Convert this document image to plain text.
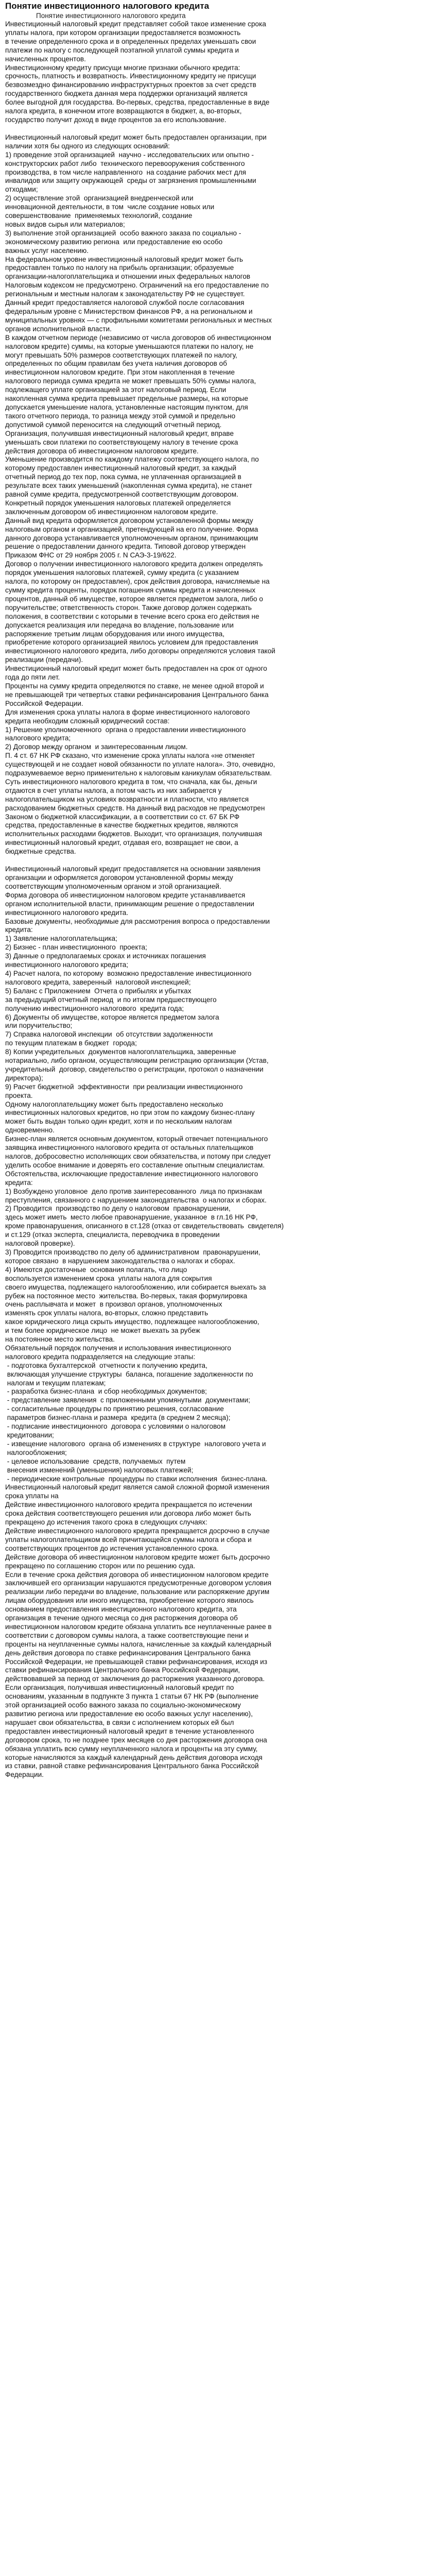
Понятие инвестиционного налогового кредита
Понятие инвестиционного налогового кредита

Инвестиционный налоговый кредит представляет собой такое изменение срока
уплаты налога, при котором организации предоставляется возможность
в течение определенного срока и в определенных пределах уменьшать свои
платежи по налогу с последующей поэтапной уплатой суммы кредита и
начисленных процентов.

Инвестиционному кредиту присущи многие признаки обычного кредита:
срочность, платность и возвратность. Инвестиционному кредиту не присущи
безвозмездно финансированию инфраструктурных проектов за счет средств
государственного бюджета данная мера поддержки организаций является
более выгодной для государства. Во-первых, средства, предоставленные в виде
налога кредита, в конечном итоге возвращаются в бюджет, а, во-вторых,
государство получит доход в виде процентов за его использование.

Инвестиционный налоговый кредит может быть предоставлен организации, при
наличии хотя бы одного из следующих оснований:

1) проведение этой организацией  научно - исследовательских или опытно -
конструкторских работ либо  технического перевооружения собственного
производства, в том числе направленного  на создание рабочих мест для
инвалидов или защиту окружающей  среды от загрязнения промышленными
отходами;

2) осуществление этой  организацией внедренческой или
инновационной деятельности, в том  числе создание новых или
совершенствование  применяемых технологий, создание
новых видов сырья или материалов;

3) выполнение этой организацией  особо важного заказа по социально -
экономическому развитию региона  или предоставление ею особо
важных услуг населению.

На федеральном уровне инвестиционный налоговый кредит может быть
предоставлен только по налогу на прибыль организации; образуемые
организации-налогоплательщика и отношении иных федеральных налогов
Налоговым кодексом не предусмотрено. Ограничений на его предоставление по
региональным и местным налогам к законодательству РФ не существует.
Данный кредит предоставляется налоговой службой после согласования
федеральным уровне с Министерством финансов РФ, а на региональном и
муниципальных уровнях — с профильными комитетами региональных и местных
органов исполнительной власти.

В каждом отчетном периоде (независимо от числа договоров об инвестиционном
налоговом кредите) суммы, на которые уменьшаются платежи по налогу, не
могут превышать 50% размеров соответствующих платежей по налогу,
определенных по общим правилам без учета наличия договоров об
инвестиционном налоговом кредите. При этом накопленная в течение
налогового периода сумма кредита не может превышать 50% суммы налога,
подлежащего уплате организацией за этот налоговый период. Если
накопленная сумма кредита превышает предельные размеры, на которые
допускается уменьшение налога, установленные настоящим пунктом, для
такого отчетного периода, то разница между этой суммой и предельно
допустимой суммой переносится на следующий отчетный период.

Организация, получившая инвестиционный налоговый кредит, вправе
уменьшать свои платежи по соответствующему налогу в течение срока
действия договора об инвестиционном налоговом кредите.

Уменьшение производится по каждому платежу соответствующего налога, по
которому предоставлен инвестиционный налоговый кредит, за каждый
отчетный период до тех пор, пока сумма, не уплаченная организацией в
результате всех таких уменьшений (накопленная сумма кредита), не станет
равной сумме кредита, предусмотренной соответствующим договором.
Конкретный порядок уменьшения налоговых платежей определяется
заключенным договором об инвестиционном налоговом кредите.

Данный вид кредита оформляется договором установленной формы между
налоговым органом и организацией, претендующей на его получение. Форма
данного договора устанавливается уполномоченным органом, принимающим
решение о предоставлении данного кредита. Типовой договор утвержден
Приказом ФНС от 29 ноября 2005 г. N САЭ-3-19/622.

Договор о получении инвестиционного налогового кредита должен определять
порядок уменьшения налоговых платежей, сумму кредита (с указанием
налога, по которому он предоставлен), срок действия договора, начисляемые на
сумму кредита проценты, порядок погашения суммы кредита и начисленных
процентов, данный об имуществе, которое является предметом залога, либо о
поручительстве; ответственность сторон. Также договор должен содержать
положения, в соответствии с которыми в течение всего срока его действия не
допускается реализация или передача во владение, пользование или
распоряжение третьим лицам оборудования или иного имущества,
приобретение которого организацией явилось условием для предоставления
инвестиционного налогового кредита, либо договоры определяются условия такой
реализации (передачи).

Инвестиционный налоговый кредит может быть предоставлен на срок от одного
года до пяти лет.

Проценты на сумму кредита определяются по ставке, не менее одной второй и
не превышающей три четвертых ставки рефинансирования Центрального банка
Российской Федерации.

Для изменения срока уплаты налога в форме инвестиционного налогового
кредита необходим сложный юридический состав:

1) Решение уполномоченного  органа о предоставлении инвестиционного
налогового кредита;

2) Договор между органом  и заинтересованным лицом.

П. 4 ст. 67 НК РФ сказано, что изменение срока уплаты налога «не отменяет
существующей и не создает новой обязанности по уплате налога». Это, очевидно,
подразумеваемое верно применительно к налоговым каникулам обязательствам.
Суть инвестиционного налогового кредита в том, что сначала, как бы, деньги
отдаются в счет уплаты налога, а потом часть из них забирается у
налогоплательщиком на условиях возвратности и платности, что является
расходованием бюджетных средств. На данный вид расходов не предусмотрен
Законом о бюджетной классификации, а в соответствии со ст. 67 БК РФ
средства, предоставленные в качестве бюджетных кредитов, являются
исполнительных расходами бюджетов. Выходит, что организация, получившая
инвестиционный налоговый кредит, отдавая его, возвращает не свои, а
бюджетные средства.

Инвестиционный налоговый кредит предоставляется на основании заявления
организации и оформляется договором установленной формы между
соответствующим уполномоченным органом и этой организацией.

Форма договора об инвестиционном налоговом кредите устанавливается
органом исполнительной власти, принимающим решение о предоставлении
инвестиционного налогового кредита.

Базовые документы, необходимые для рассмотрения вопроса о предоставлении
кредита:

1) Заявление налогоплательщика;

2) Бизнес - план инвестиционного  проекта;

3) Данные о предполагаемых сроках и источниках погашения
инвестиционного налогового кредита;

4) Расчет налога, по которому  возможно предоставление инвестиционного
налогового кредита, заверенный  налоговой инспекцией;

5) Баланс с Приложением  Отчета о прибылях и убытках
за предыдущий отчетный период  и по итогам предшествующего
получению инвестиционного налогового  кредита года;

6) Документы об имуществе, которое является предметом залога
или поручительство;

7) Справка налоговой инспекции  об отсутствии задолженности
по текущим платежам в бюджет  города;

8) Копии учредительных  документов налогоплательщика, заверенные
нотариально, либо органом, осуществляющим регистрацию организации (Устав,
учредительный  договор, свидетельство о регистрации, протокол о назначении
директора);

9) Расчет бюджетной  эффективности  при реализации инвестиционного
проекта.

Одному налогоплательщику может быть предоставлено несколько
инвестиционных налоговых кредитов, но при этом по каждому бизнес-плану
может быть выдан только один кредит, хотя и по нескольким налогам
одновременно.

Бизнес-план является основным документом, который отвечает потенциального
заявщика инвестиционного налогового кредита от остальных плательщиков
налогов, добросовестно исполняющих свои обязательства, и потому при следует
уделить особое внимание и доверять его составление опытным специалистам.

Обстоятельства, исключающие предоставление инвестиционного налогового
кредита:

1) Возбуждено уголовное  дело против заинтересованного  лица по признакам
преступления, связанного с нарушением законодательства  о налогах и сборах.
2) Проводится  производство по делу о налоговом  правонарушении,
здесь может иметь  место любое правонарушение, указанное  в гл.16 НК РФ,
кроме правонарушения, описанного в ст.128 (отказ от свидетельствовать  свидетеля)
и ст.129 (отказ эксперта, специалиста, переводчика в проведении
налоговой проверке).

3) Проводится производство по делу об административном  правонарушении,
которое связано  в нарушением законодательства о налогах и сборах.

4) Имеются достаточные  основания полагать, что лицо
воспользуется изменением срока  уплаты налога для сокрытия
своего имущества, подлежащего налогообложению, или собирается выехать за
рубеж на постоянное место  жительства. Во-первых, такая формулировка
очень расплывчата и может  в произвол органов, уполномоченных
изменять срок уплаты налога, во-вторых, сложно представить
какое юридического лица скрыть имущество, подлежащее налогообложению,
и тем более юридическое лицо  не может выехать за рубеж
на постоянное место жительства.

Обязательный порядок получения и использования инвестиционного
налогового кредита подразделяется на следующие этапы:

- подготовка бухгалтерской  отчетности к получению кредита,
включающая улучшение структуры  баланса, погашение задолженности по
налогам и текущим платежам;

- разработка бизнес-плана  и сбор необходимых документов;

- представление заявления  с приложенными упомянутыми  документами;

- согласительные процедуры по принятию решения, согласование
параметров бизнес-плана и размера  кредита (в среднем 2 месяца);

- подписание инвестиционного  договора с условиями о налоговом
кредитовании;

- извещение налогового  органа об изменениях в структуре  налогового учета и
налогообложения;

- целевое использование  средств, получаемых  путем
внесения изменений (уменьшения) налоговых платежей;

- периодические контрольные  процедуры по ставки исполнения  бизнес-плана.

Инвестиционный налоговый кредит является самой сложной формой изменения
срока уплаты на

Действие инвестиционного налогового кредита прекращается по истечении
срока действия соответствующего решения или договора либо может быть
прекращено до истечения такого срока в следующих случаях:

Действие инвестиционного налогового кредита прекращается досрочно в случае
уплаты налогоплательщиком всей причитающейся суммы налога и сбора и
соответствующих процентов до истечения установленного срока.

Действие договора об инвестиционном налоговом кредите может быть досрочно
прекращено по соглашению сторон или по решению суда.

Если в течение срока действия договора об инвестиционном налоговом кредите
заключившей его организации нарушаются предусмотренные договором условия
реализации либо передачи во владение, пользование или распоряжение другим
лицам оборудования или иного имущества, приобретение которого явилось
основанием предоставления инвестиционного налогового кредита, эта
организация в течение одного месяца со дня расторжения договора об
инвестиционном налоговом кредите обязана уплатить все неуплаченные ранее в
соответствии с договором суммы налога, а также соответствующие пени и
проценты на неуплаченные суммы налога, начисленные за каждый календарный
день действия договора по ставке рефинансирования Центрального банка
Российской Федерации, не превышающей ставки рефинансирования, исходя из
ставки рефинансирования Центрального банка Российской Федерации,
действовавшей за период от заключения до расторжения указанного договора.

Если организация, получившая инвестиционный налоговый кредит по
основаниям, указанным в подпункте 3 пункта 1 статьи 67 НК РФ (выполнение
этой организацией особо важного заказа по социально-экономическому
развитию региона или предоставление ею особо важных услуг населению),
нарушает свои обязательства, в связи с исполнением которых ей был
предоставлен инвестиционный налоговый кредит в течение установленного
договором срока, то не позднее трех месяцев со дня расторжения договора она
обязана уплатить всю сумму неуплаченного налога и проценты на эту сумму,
которые начисляются за каждый календарный день действия договора исходя
из ставки, равной ставке рефинансирования Центрального банка Российской
Федерации.
